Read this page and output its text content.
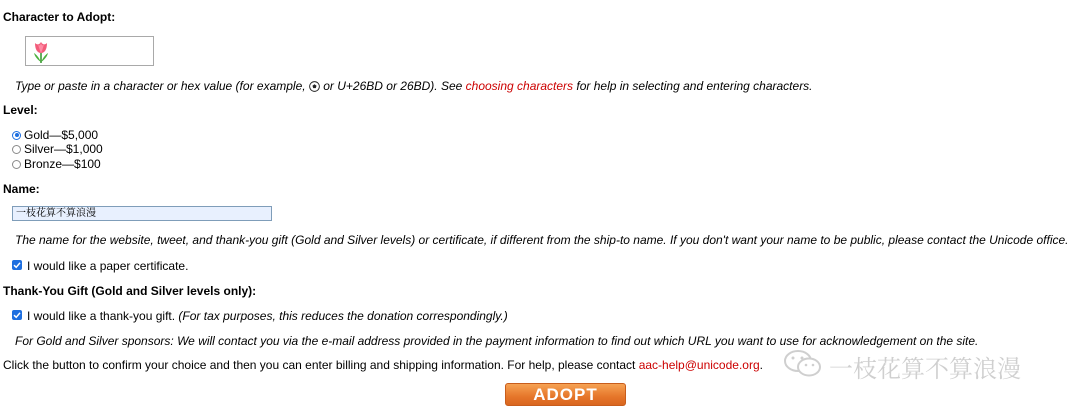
Character to Adopt:
Type or paste in a character or hex value (for example,  or U+26BD or 26BD). See choosing characters for help in selecting and entering characters.
Level:
Gold—$5,000
Silver—$1,000
Bronze—$100
Name:
一枝花算不算浪漫
The name for the website, tweet, and thank-you gift (Gold and Silver levels) or certificate, if different from the ship-to name. If you don't want your name to be public, please contact the Unicode office.
I would like a paper certificate.
Thank-You Gift (Gold and Silver levels only):
I would like a thank-you gift. (For tax purposes, this reduces the donation correspondingly.)
For Gold and Silver sponsors: We will contact you via the e-mail address provided in the payment information to find out which URL you want to use for acknowledgement on the site.
Click the button to confirm your choice and then you can enter billing and shipping information. For help, please contact aac-help@unicode.org.
ADOPT
一枝花算不算浪漫
